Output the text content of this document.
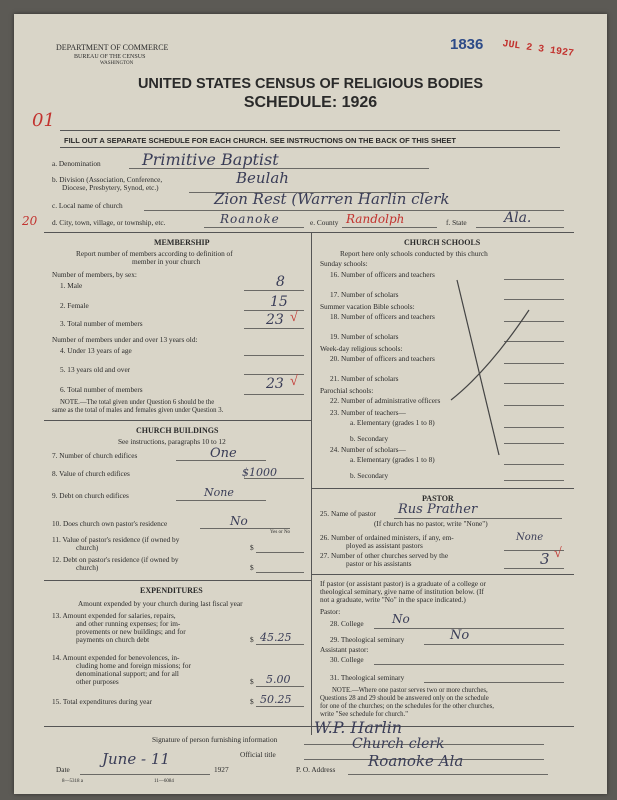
DEPARTMENT OF COMMERCE
BUREAU OF THE CENSUS
WASHINGTON
1836 JUL 2 3 1927
UNITED STATES CENSUS OF RELIGIOUS BODIES
SCHEDULE: 1926
01
FILL OUT A SEPARATE SCHEDULE FOR EACH CHURCH. SEE INSTRUCTIONS ON THE BACK OF THIS SHEET
a. Denomination	Primitive Baptist
b. Division (Association, Conference,
Diocese, Presbytery, Synod, etc.)
Beulah
c. Local name of church	Zion Rest (Warren Harlin clerk
20 d. City, town, village, or township, etc.	Roanoke	e. County Randolph	f. State	Ala.
MEMBERSHIP
Report number of members according to definition of
member in your church
Number of members, by sex:
1. Male	8
2. Female	15
3. Total number of members	23 √
Number of members under and over 13 years old:
4. Under 13 years of age
5. 13 years old and over
6. Total number of members	23 √
NOTE.—The total given under Question 6 should be the
same as the total of males and females given under Question 3.
CHURCH BUILDINGS
See instructions, paragraphs 10 to 12
7. Number of church edifices	One
8. Value of church edifices	$1000
9. Debt on church edifices	None
10. Does church own pastor's residence	No
Yes or No
11. Value of pastor's residence (if owned by
church)	$
12. Debt on pastor's residence (if owned by
church)	$
EXPENDITURES
Amount expended by your church during last fiscal year
13. Amount expended for salaries, repairs,
and other running expenses; for im-
provements or new buildings; and for
payments on church debt	$ 45.25
14. Amount expended for benevolences, in-
cluding home and foreign missions; for
denominational support; and for all
other purposes	$ 5.00
15. Total expenditures during year	$ 50.25
CHURCH SCHOOLS
Report here only schools conducted by this church
Sunday schools:
16. Number of officers and teachers
17. Number of scholars
Summer vacation Bible schools:
18. Number of officers and teachers
19. Number of scholars
Week-day religious schools:
20. Number of officers and teachers
21. Number of scholars
Parochial schools:
22. Number of administrative officers
23. Number of teachers—
a. Elementary (grades 1 to 8)
b. Secondary
24. Number of scholars—
a. Elementary (grades 1 to 8)
b. Secondary
PASTOR
25. Name of pastor Rus Prather
(If church has no pastor, write "None")
26. Number of ordained ministers, if any, em-
ployed as assistant pastors
None
27. Number of other churches served by the
pastor or his assistants	3 √
If pastor (or assistant pastor) is a graduate of a college or
theological seminary, give name of institution below. (If
not a graduate, write "No" in the space indicated.)
Pastor:
28. College No
29. Theological seminary	No
Assistant pastor:
30. College
31. Theological seminary
NOTE.—Where one pastor serves two or more churches,
Questions 28 and 29 should be answered only on the schedule
for one of the churches; on the schedules for the other churches,
write "See schedule for church."
Signature of person furnishing information
W.P. Harlin
Official title
Church clerk
Date
June - 11
1927	P. O. Address Roanoke Ala
8—5318 a	11—6084
